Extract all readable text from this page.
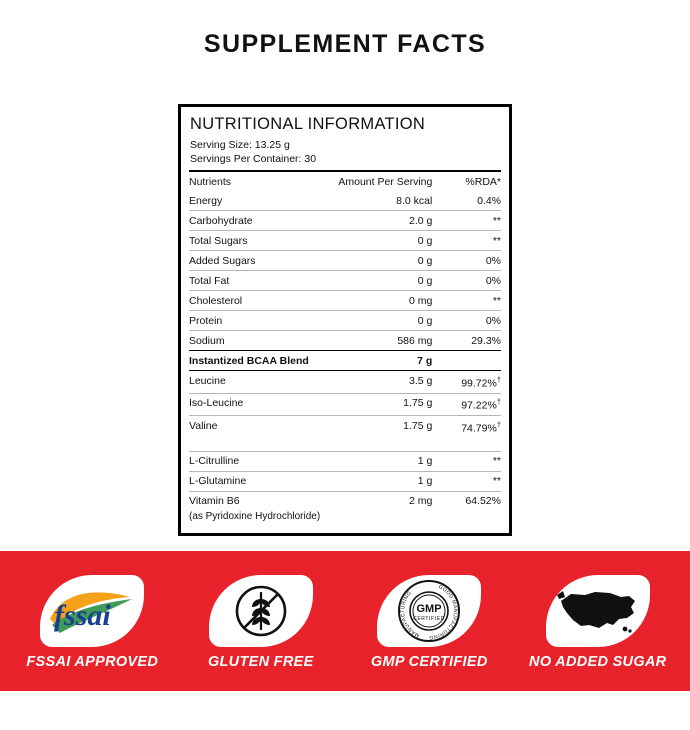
SUPPLEMENT FACTS
NUTRITIONAL INFORMATION
Serving Size: 13.25 g
Servings Per Container: 30
Nutrients	Amount Per Serving	%RDA*
Energy	8.0 kcal	0.4%
Carbohydrate	2.0 g	**
Total Sugars	0 g	**
Added Sugars	0 g	0%
Total Fat	0 g	0%
Cholesterol	0 mg	**
Protein	0 g	0%
Sodium	586 mg	29.3%
Instantized BCAA Blend	7 g	
Leucine	3.5 g	99.72%†
Iso-Leucine	1.75 g	97.22%†
Valine	1.75 g	74.79%†

L-Citrulline	1 g	**
L-Glutamine	1 g	**
Vitamin B6	2 mg	64.52%
(as Pyridoxine Hydrochloride)		
fssai
FSSAI APPROVED	GLUTEN FREE
GOOD MANUFACTURING
MANUFACTURING
GMP
CERTIFIED
GMP CERTIFIED	NO ADDED SUGAR
